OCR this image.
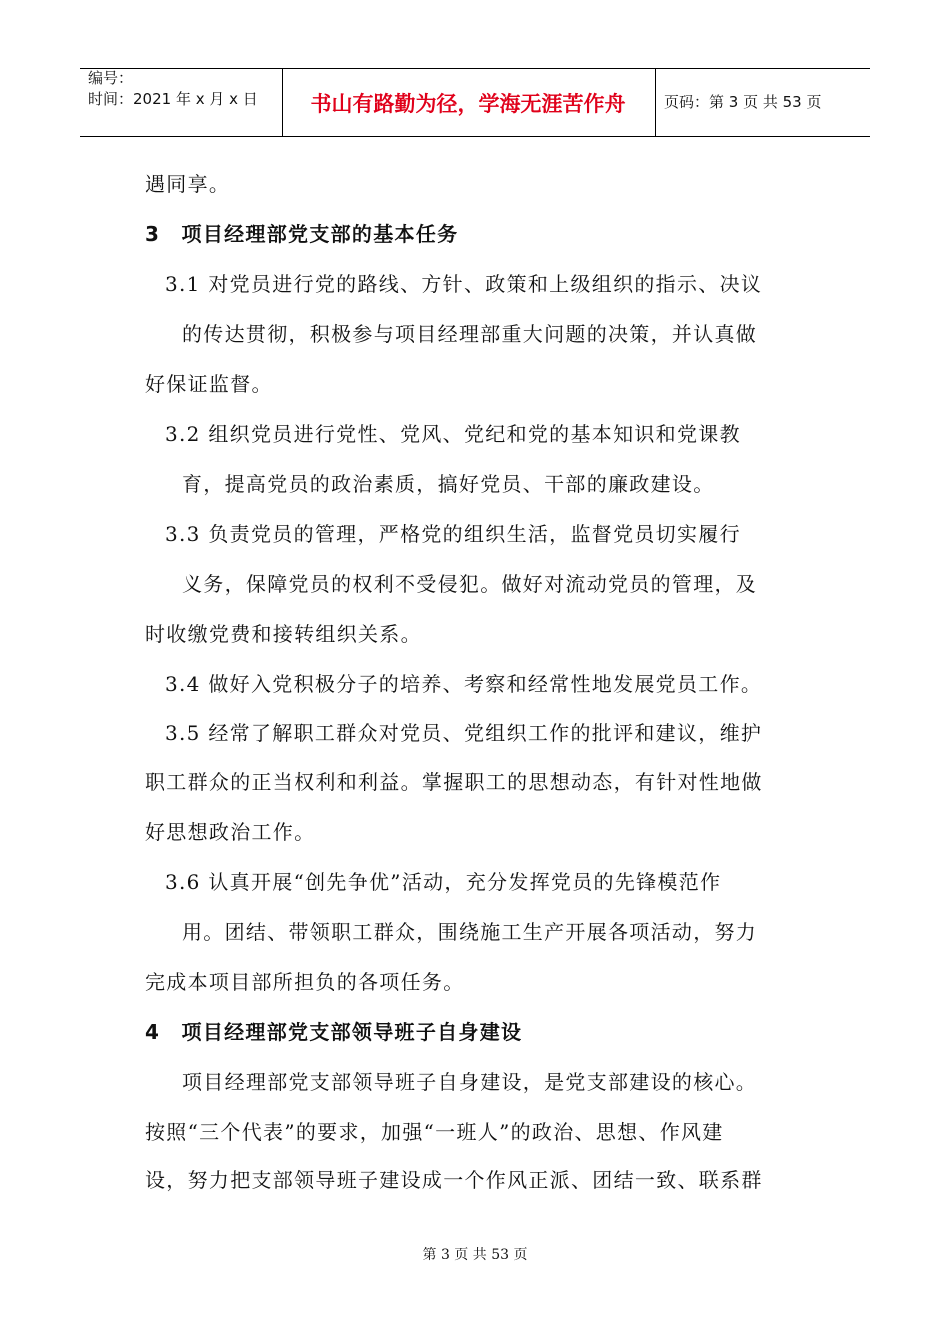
编号：
时间：2021 年 x 月 x 日	书山有路勤为径，学海无涯苦作舟	页码：第 3 页 共 53 页
遇同享。
3　项目经理部党支部的基本任务
3.1 对党员进行党的路线、方针、政策和上级组织的指示、决议
的传达贯彻，积极参与项目经理部重大问题的决策，并认真做
好保证监督。
3.2 组织党员进行党性、党风、党纪和党的基本知识和党课教
育，提高党员的政治素质，搞好党员、干部的廉政建设。
3.3 负责党员的管理，严格党的组织生活，监督党员切实履行
义务，保障党员的权利不受侵犯。做好对流动党员的管理，及
时收缴党费和接转组织关系。
3.4 做好入党积极分子的培养、考察和经常性地发展党员工作。
3.5 经常了解职工群众对党员、党组织工作的批评和建议，维护
职工群众的正当权利和利益。掌握职工的思想动态，有针对性地做
好思想政治工作。
3.6 认真开展“创先争优”活动，充分发挥党员的先锋模范作
用。团结、带领职工群众，围绕施工生产开展各项活动，努力
完成本项目部所担负的各项任务。
4　项目经理部党支部领导班子自身建设
项目经理部党支部领导班子自身建设，是党支部建设的核心。
按照“三个代表”的要求，加强“一班人”的政治、思想、作风建
设，努力把支部领导班子建设成一个作风正派、团结一致、联系群
第 3 页 共 53 页
